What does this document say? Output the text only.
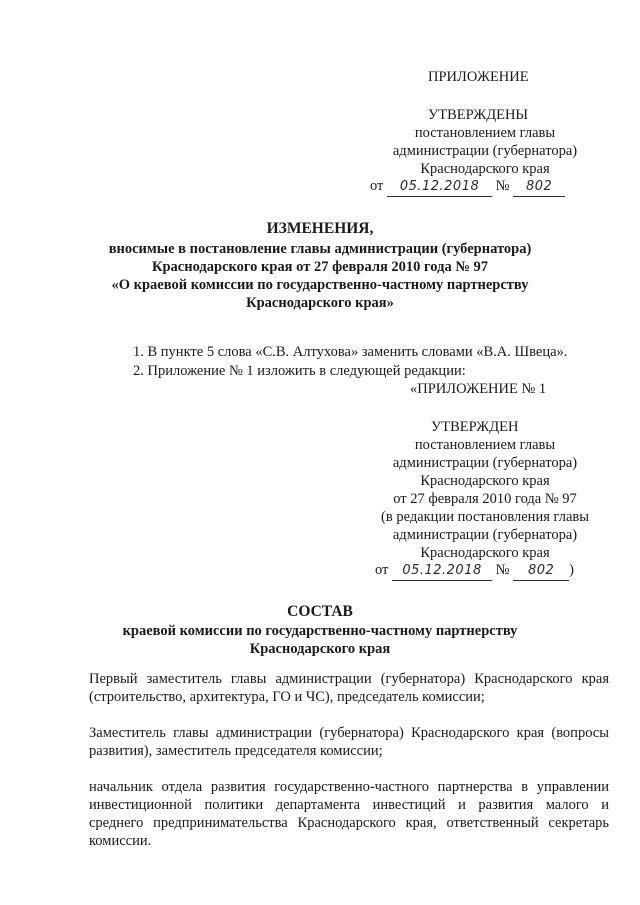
ПРИЛОЖЕНИЕ
УТВЕРЖДЕНЫ
постановлением главы
администрации (губернатора)
Краснодарского края
от 05.12.2018 № 802
ИЗМЕНЕНИЯ,
вносимые в постановление главы администрации (губернатора)
Краснодарского края от 27 февраля 2010 года № 97
«О краевой комиссии по государственно-частному партнерству
Краснодарского края»
1. В пункте 5 слова «С.В. Алтухова» заменить словами «В.А. Швеца».
2. Приложение № 1 изложить в следующей редакции:
«ПРИЛОЖЕНИЕ № 1
УТВЕРЖДЕН
постановлением главы
администрации (губернатора)
Краснодарского края
от 27 февраля 2010 года № 97
(в редакции постановления главы
администрации (губернатора)
Краснодарского края
от 05.12.2018 № 802 )
СОСТАВ
краевой комиссии по государственно-частному партнерству
Краснодарского края
Первый заместитель главы администрации (губернатора) Краснодарского края
(строительство, архитектура, ГО и ЧС), председатель комиссии;
Заместитель главы администрации (губернатора) Краснодарского края (вопросы
развития), заместитель председателя комиссии;
начальник отдела развития государственно-частного партнерства в управлении
инвестиционной политики департамента инвестиций и развития малого и
среднего предпринимательства Краснодарского края, ответственный секретарь
комиссии.
